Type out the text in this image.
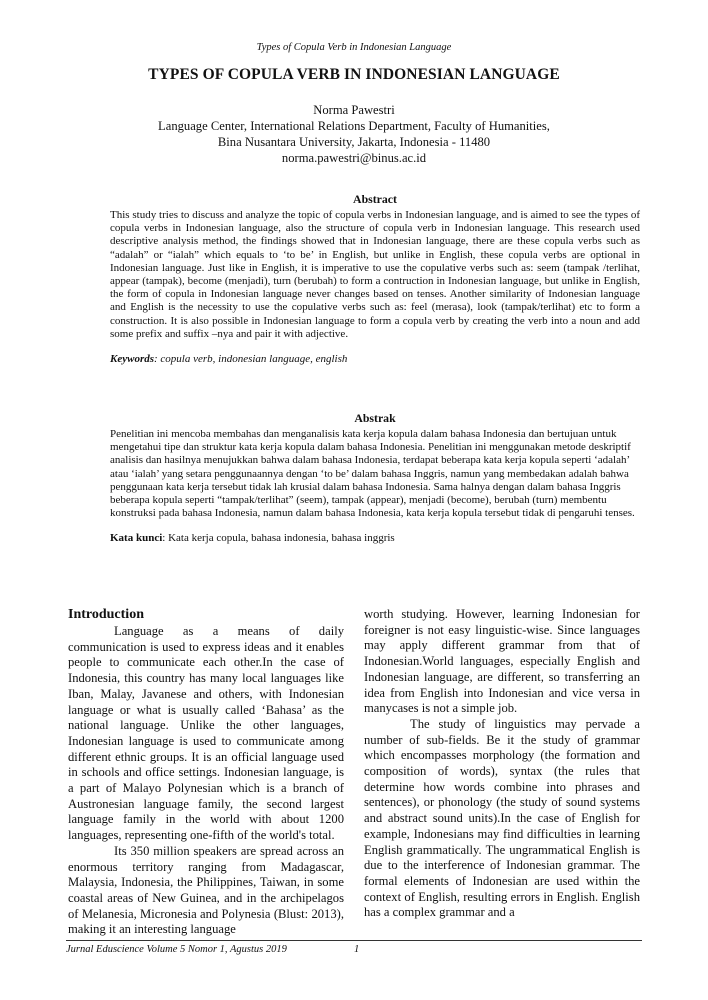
Types of Copula Verb in Indonesian Language
TYPES OF COPULA VERB IN INDONESIAN LANGUAGE
Norma Pawestri
Language Center, International Relations Department, Faculty of Humanities,
Bina Nusantara University, Jakarta, Indonesia - 11480
norma.pawestri@binus.ac.id
Abstract

This study tries to discuss and analyze the topic of copula verbs in Indonesian language, and is aimed to see the types of copula verbs in Indonesian language, also the structure of copula verb in Indonesian language. This research used descriptive analysis method, the findings showed that in Indonesian language, there are these copula verbs such as “adalah” or “ialah” which equals to ‘to be’ in English, but unlike in English, these copula verbs are optional in Indonesian language. Just like in English, it is imperative to use the copulative verbs such as: seem (tampak /terlihat, appear (tampak), become (menjadi), turn (berubah) to form a contruction in Indonesian language, but unlike in English, the form of copula in Indonesian language never changes based on tenses. Another similarity of Indonesian language and English is the necessity to use the copulative verbs such as: feel (merasa), look (tampak/terlihat) etc to form a construction. It is also possible in Indonesian language to form a copula verb by creating the verb into a noun and add some prefix and suffix –nya and pair it with adjective.

Keywords: copula verb, indonesian language, english

Abstrak

Penelitian ini mencoba membahas dan menganalisis kata kerja kopula dalam bahasa Indonesia dan bertujuan untuk mengetahui tipe dan struktur kata kerja kopula dalam bahasa Indonesia. Penelitian ini menggunakan metode deskriptif analisis dan hasilnya menujukkan bahwa dalam bahasa Indonesia, terdapat beberapa kata kerja kopula seperti ‘adalah’ atau ‘ialah’ yang setara penggunaannya dengan ‘to be’ dalam bahasa Inggris, namun yang membedakan adalah bahwa penggunaan kata kerja tersebut tidak lah krusial dalam bahasa Indonesia. Sama halnya dengan dalam bahasa Inggris beberapa kopula seperti “tampak/terlihat” (seem), tampak (appear), menjadi (become), berubah (turn) membentu konstruksi pada bahasa Indonesia, namun dalam bahasa Indonesia, kata kerja kopula tersebut tidak di pengaruhi tenses.

Kata kunci: Kata kerja copula, bahasa indonesia, bahasa inggris

Introduction

Language as a means of daily communication is used to express ideas and it enables people to communicate each other.In the case of Indonesia, this country has many local languages like Iban, Malay, Javanese and others, with Indonesian language or what is usually called ‘Bahasa’ as the national language. Unlike the other languages, Indonesian language is used to communicate among different ethnic groups. It is an official language used in schools and office settings. Indonesian language, is a part of Malayo Polynesian which is a branch of Austronesian language family, the second largest language family in the world with about 1200 languages, representing one-fifth of the world's total.

Its 350 million speakers are spread across an enormous territory ranging from Madagascar, Malaysia, Indonesia, the Philippines, Taiwan, in some coastal areas of New Guinea, and in the archipelagos of Melanesia, Micronesia and Polynesia (Blust: 2013), making it an interesting language

worth studying. However, learning Indonesian for foreigner is not easy linguistic-wise. Since languages may apply different grammar from that of Indonesian.World languages, especially English and Indonesian language, are different, so transferring an idea from English into Indonesian and vice versa in manycases is not a simple job.

The study of linguistics may pervade a number of sub-fields. Be it the study of grammar which encompasses morphology (the formation and composition of words), syntax (the rules that determine how words combine into phrases and sentences), or phonology (the study of sound systems and abstract sound units).In the case of English for example, Indonesians may find difficulties in learning English grammatically. The ungrammatical English is due to the interference of Indonesian grammar. The formal elements of Indonesian are used within the context of English, resulting errors in English. English has a complex grammar and a

Jurnal Eduscience Volume 5 Nomor 1, Agustus 2019	1
